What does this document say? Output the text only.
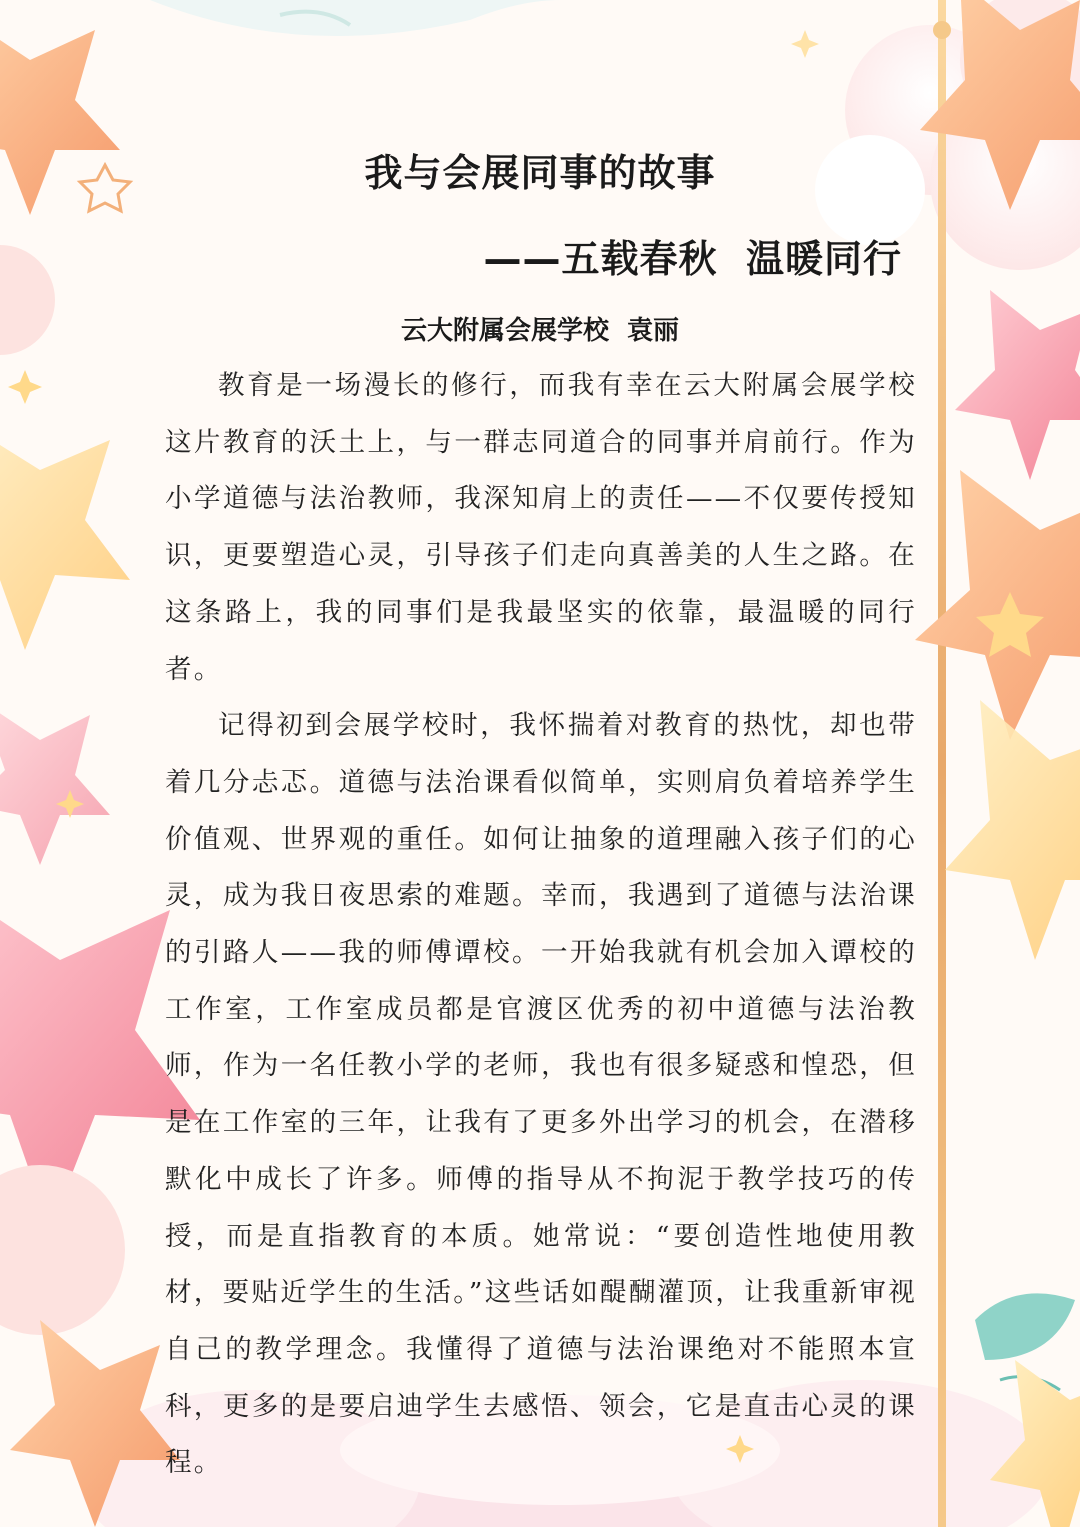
我与会展同事的故事
——五载春秋  温暖同行
云大附属会展学校  袁丽

教育是一场漫长的修行，而我有幸在云大附属会展学校这片教育的沃土上，与一群志同道合的同事并肩前行。作为小学道德与法治教师，我深知肩上的责任——不仅要传授知识，更要塑造心灵，引导孩子们走向真善美的人生之路。在这条路上，我的同事们是我最坚实的依靠，最温暖的同行者。

记得初到会展学校时，我怀揣着对教育的热忱，却也带着几分忐忑。道德与法治课看似简单，实则肩负着培养学生价值观、世界观的重任。如何让抽象的道理融入孩子们的心灵，成为我日夜思索的难题。幸而，我遇到了道德与法治课的引路人——我的师傅谭校。一开始我就有机会加入谭校的工作室，工作室成员都是官渡区优秀的初中道德与法治教师，作为一名任教小学的老师，我也有很多疑惑和惶恐，但是在工作室的三年，让我有了更多外出学习的机会，在潜移默化中成长了许多。师傅的指导从不拘泥于教学技巧的传授，而是直指教育的本质。她常说：“要创造性地使用教材，要贴近学生的生活。”这些话如醍醐灌顶，让我重新审视自己的教学理念。我懂得了道德与法治课绝对不能照本宣科，更多的是要启迪学生去感悟、领会，它是直击心灵的课程。
